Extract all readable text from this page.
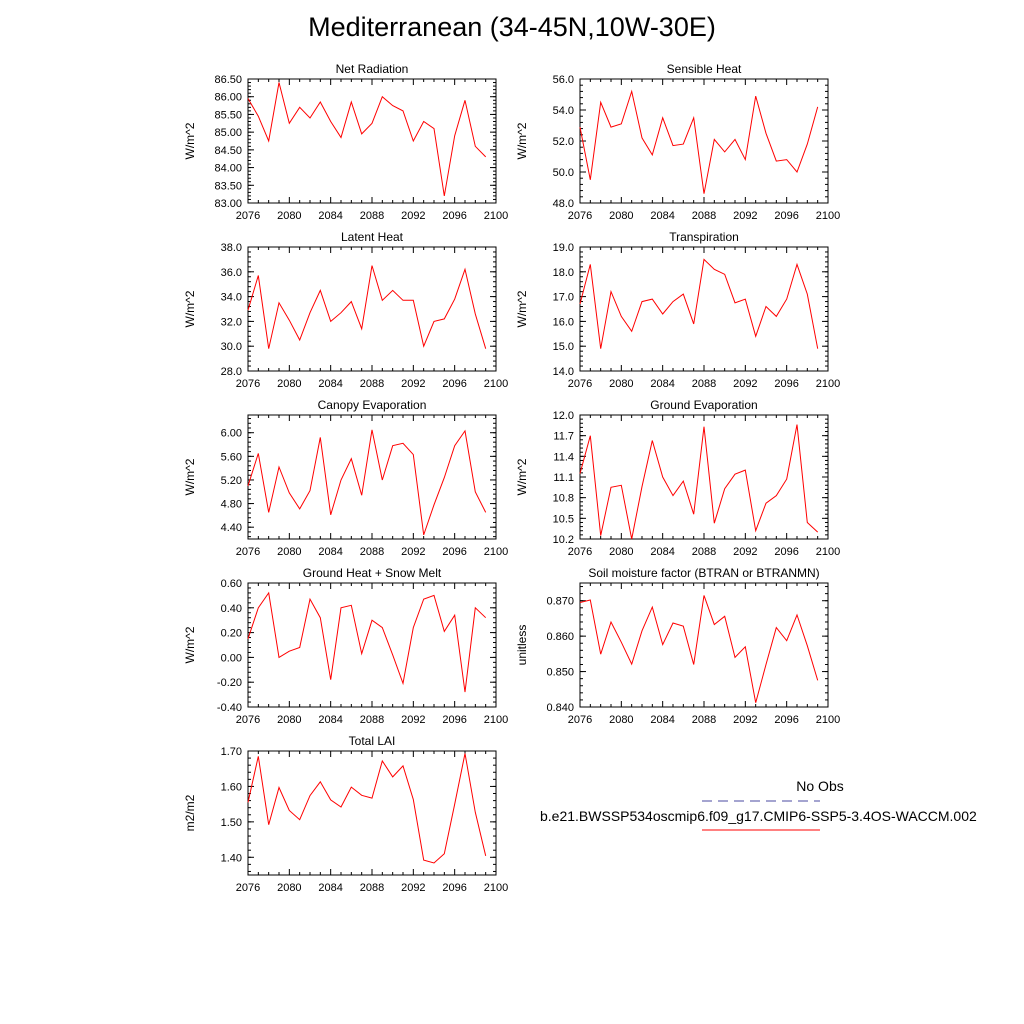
Mediterranean (34-45N,10W-30E)
Net Radiation
W/m^2
2076 2080 2084 2088 2092 2096 2100
83.00
83.50
84.00
84.50
85.00
85.50
86.00
86.50
Sensible Heat
W/m^2
2076 2080 2084 2088 2092 2096 2100
48.0
50.0
52.0
54.0
56.0
Latent Heat
W/m^2
2076 2080 2084 2088 2092 2096 2100
28.0
30.0
32.0
34.0
36.0
38.0
Transpiration
W/m^2
2076 2080 2084 2088 2092 2096 2100
14.0
15.0
16.0
17.0
18.0
19.0
Canopy Evaporation
W/m^2
2076 2080 2084 2088 2092 2096 2100
4.40
4.80
5.20
5.60
6.00
Ground Evaporation
W/m^2
2076 2080 2084 2088 2092 2096 2100
10.2
10.5
10.8
11.1
11.4
11.7
12.0
Ground Heat + Snow Melt
W/m^2
2076 2080 2084 2088 2092 2096 2100
-0.40
-0.20
0.00
0.20
0.40
0.60
Soil moisture factor (BTRAN or BTRANMN)
unitless
2076 2080 2084 2088 2092 2096 2100
0.840
0.850
0.860
0.870
Total LAI
m2/m2
2076 2080 2084 2088 2092 2096 2100
1.40
1.50
1.60
1.70
No Obs
b.e21.BWSSP534oscmip6.f09_g17.CMIP6-SSP5-3.4OS-WACCM.002
